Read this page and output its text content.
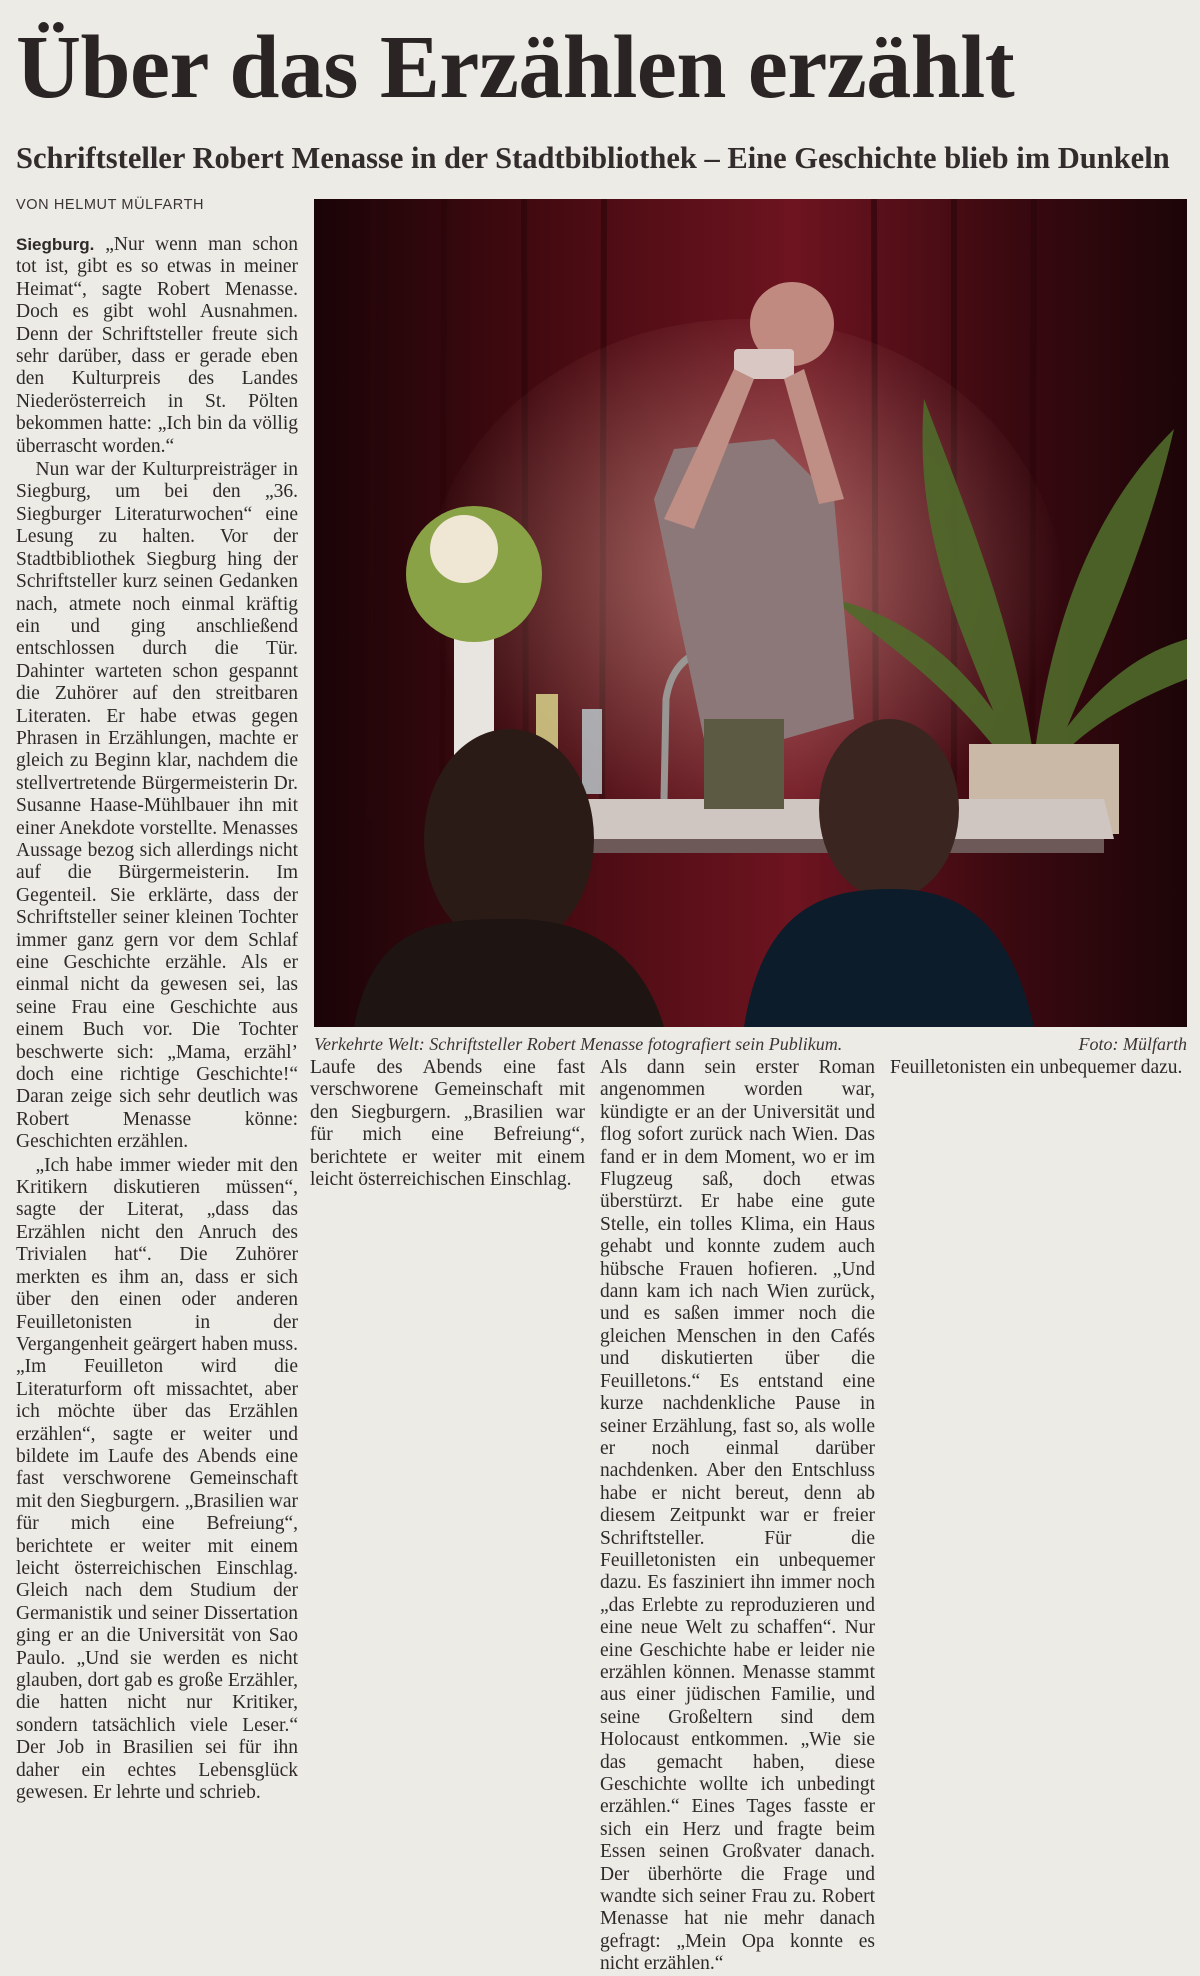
Über das Erzählen erzählt
Schriftsteller Robert Menasse in der Stadtbibliothek – Eine Geschichte blieb im Dunkeln
VON HELMUT MÜLFARTH

Siegburg. „Nur wenn man schon tot ist, gibt es so etwas in meiner Heimat“, sagte Robert Menasse. Doch es gibt wohl Ausnahmen. Denn der Schriftsteller freute sich sehr darüber, dass er gerade eben den Kulturpreis des Landes Niederösterreich in St. Pölten bekommen hatte: „Ich bin da völlig überrascht worden.“

Nun war der Kulturpreisträger in Siegburg, um bei den „36. Siegburger Literaturwochen“ eine Lesung zu halten. Vor der Stadtbibliothek Siegburg hing der Schriftsteller kurz seinen Gedanken nach, atmete noch einmal kräftig ein und ging anschließend entschlossen durch die Tür. Dahinter warteten schon gespannt die Zuhörer auf den streitbaren Literaten. Er habe etwas gegen Phrasen in Erzählungen, machte er gleich zu Beginn klar, nachdem die stellvertretende Bürgermeisterin Dr. Susanne Haase-Mühlbauer ihn mit einer Anekdote vorstellte. Menasses Aussage bezog sich allerdings nicht auf die Bürgermeisterin. Im Gegenteil. Sie erklärte, dass der Schriftsteller seiner kleinen Tochter immer ganz gern vor dem Schlaf eine Geschichte erzähle. Als er einmal nicht da gewesen sei, las seine Frau eine Geschichte aus einem Buch vor. Die Tochter beschwerte sich: „Mama, erzähl’ doch eine richtige Geschichte!“ Daran zeige sich sehr deutlich was Robert Menasse könne: Geschichten erzählen.

„Ich habe immer wieder mit den Kritikern diskutieren müssen“, sagte der Literat, „dass das Erzählen nicht den Anruch des Trivialen hat“. Die Zuhörer merkten es ihm an, dass er sich über den einen oder anderen Feuilletonisten in der Vergangenheit geärgert haben muss. „Im Feuilleton wird die Literaturform oft missachtet, aber ich möchte über das Erzählen erzählen“, sagte er weiter und bildete im Laufe des Abends eine fast verschworene Gemeinschaft mit den Siegburgern. „Brasilien war für mich eine Befreiung“, berichtete er weiter mit einem leicht österreichischen Einschlag. Gleich nach dem Studium der Germanistik und seiner Dissertation ging er an die Universität von Sao Paulo. „Und sie werden es nicht glauben, dort gab es große Erzähler, die hatten nicht nur Kritiker, sondern tatsächlich viele Leser.“ Der Job in Brasilien sei für ihn daher ein echtes Lebensglück gewesen. Er lehrte und schrieb.

Laufe des Abends eine fast verschworene Gemeinschaft mit den Siegburgern. „Brasilien war für mich eine Befreiung“, berichtete er weiter mit einem leicht österreichischen Einschlag.

Als dann sein erster Roman angenommen worden war, kündigte er an der Universität und flog sofort zurück nach Wien. Das fand er in dem Moment, wo er im Flugzeug saß, doch etwas überstürzt. Er habe eine gute Stelle, ein tolles Klima, ein Haus gehabt und konnte zudem auch hübsche Frauen hofieren. „Und dann kam ich nach Wien zurück, und es saßen immer noch die gleichen Menschen in den Cafés und diskutierten über die Feuilletons.“ Es entstand eine kurze nachdenkliche Pause in seiner Erzählung, fast so, als wolle er noch einmal darüber nachdenken. Aber den Entschluss habe er nicht bereut, denn ab diesem Zeitpunkt war er freier Schriftsteller. Für die Feuilletonisten ein unbequemer dazu. Es fasziniert ihn immer noch „das Erlebte zu reproduzieren und eine neue Welt zu schaffen“. Nur eine Geschichte habe er leider nie erzählen können. Menasse stammt aus einer jüdischen Familie, und seine Großeltern sind dem Holocaust entkommen. „Wie sie das gemacht haben, diese Geschichte wollte ich unbedingt erzählen.“ Eines Tages fasste er sich ein Herz und fragte beim Essen seinen Großvater danach. Der überhörte die Frage und wandte sich seiner Frau zu. Robert Menasse hat nie mehr danach gefragt: „Mein Opa konnte es nicht erzählen.“

Feuilletonisten ein unbequemer dazu.

Verkehrte Welt: Schriftsteller Robert Menasse fotografiert sein Publikum.	Foto: Mülfarth
